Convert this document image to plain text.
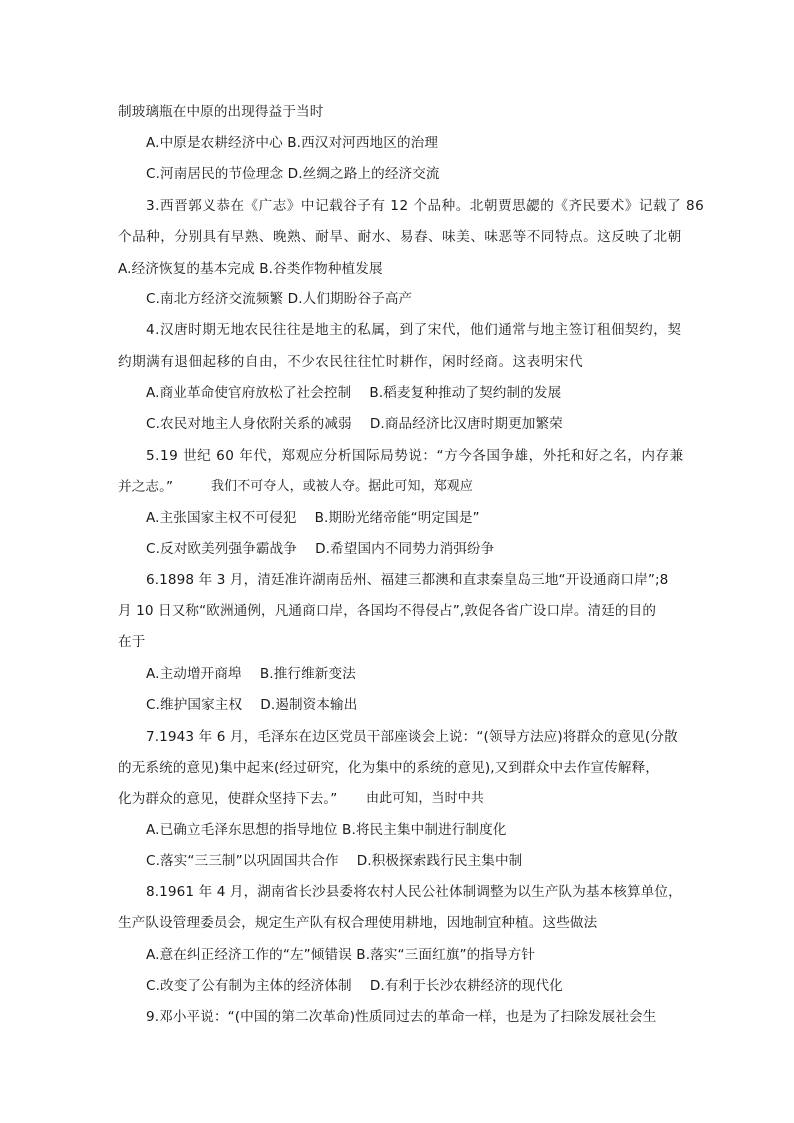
制玻璃瓶在中原的出现得益于当时
A.中原是农耕经济中心 B.西汉对河西地区的治理
C.河南居民的节俭理念 D.丝绸之路上的经济交流
3.西晋郭义恭在《广志》中记载谷子有 12 个品种。北朝贾思勰的《齐民要术》记载了 86
个品种，分别具有早熟、晚熟、耐旱、耐水、易舂、味美、味恶等不同特点。这反映了北朝
A.经济恢复的基本完成 B.谷类作物种植发展
C.南北方经济交流频繁 D.人们期盼谷子高产
4.汉唐时期无地农民往往是地主的私属，到了宋代，他们通常与地主签订租佃契约，契
约期满有退佃起移的自由，不少农民往往忙时耕作，闲时经商。这表明宋代
A.商业革命使官府放松了社会控制　 B.稻麦复种推动了契约制的发展
C.农民对地主人身依附关系的减弱　 D.商品经济比汉唐时期更加繁荣
5.19 世纪 60 年代，郑观应分析国际局势说：“方今各国争雄，外托和好之名，内存兼
并之志。”	我们不可夺人，或被人夺。据此可知，郑观应
A.主张国家主权不可侵犯　 B.期盼光绪帝能“明定国是”
C.反对欧美列强争霸战争　 D.希望国内不同势力消弭纷争
6.1898 年 3 月，清廷准许湖南岳州、福建三都澳和直隶秦皇岛三地“开设通商口岸”;8
月 10 日又称“欧洲通例，凡通商口岸，各国均不得侵占”,敦促各省广设口岸。清廷的目的
在于
A.主动增开商埠　 B.推行维新变法
C.维护国家主权　 D.遏制资本输出
7.1943 年 6 月，毛泽东在边区党员干部座谈会上说：“(领导方法应)将群众的意见(分散
的无系统的意见)集中起来(经过研究，化为集中的系统的意见),又到群众中去作宣传解释，
化为群众的意见，使群众坚持下去。”	由此可知，当时中共
A.已确立毛泽东思想的指导地位 B.将民主集中制进行制度化
C.落实“三三制”以巩固国共合作　 D.积极探索践行民主集中制
8.1961 年 4 月，湖南省长沙县委将农村人民公社体制调整为以生产队为基本核算单位，
生产队设管理委员会，规定生产队有权合理使用耕地，因地制宜种植。这些做法
A.意在纠正经济工作的“左”倾错误 B.落实“三面红旗”的指导方针
C.改变了公有制为主体的经济体制　 D.有利于长沙农耕经济的现代化
9.邓小平说：“(中国的第二次革命)性质同过去的革命一样，也是为了扫除发展社会生
